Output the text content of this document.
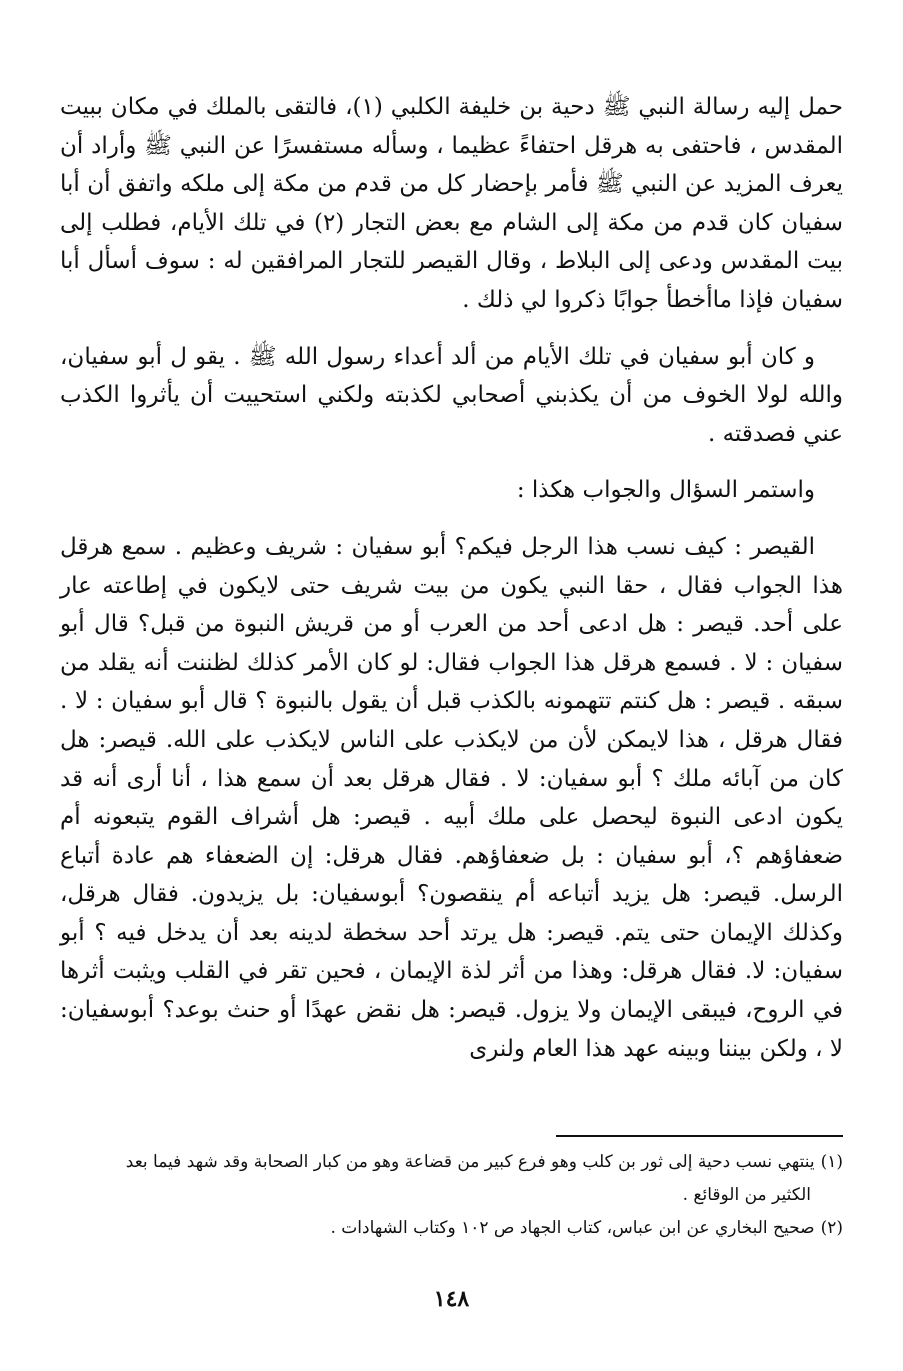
حمل إليه رسالة النبي ﷺ دحية بن خليفة الكلبي (١)، فالتقى بالملك في مكان ببيت المقدس ، فاحتفى به هرقل احتفاءً عظيما ، وسأله مستفسرًا عن النبي ﷺ وأراد أن يعرف المزيد عن النبي ﷺ فأمر بإحضار كل من قدم من مكة إلى ملكه واتفق أن أبا سفيان كان قدم من مكة إلى الشام مع بعض التجار (٢) في تلك الأيام، فطلب إلى بيت المقدس ودعى إلى البلاط ، وقال القيصر للتجار المرافقين له : سوف أسأل أبا سفيان فإذا ماأخطأ جوابًا ذكروا لي ذلك .

و كان أبو سفيان في تلك الأيام من ألد أعداء رسول الله ﷺ . يقو ل أبو سفيان، والله لولا الخوف من أن يكذبني أصحابي لكذبته ولكني استحييت أن يأثروا الكذب عني فصدقته .

واستمر السؤال والجواب هكذا :

القيصر : كيف نسب هذا الرجل فيكم؟ أبو سفيان : شريف وعظيم . سمع هرقل هذا الجواب فقال ، حقا النبي يكون من بيت شريف حتى لايكون في إطاعته عار على أحد. قيصر : هل ادعى أحد من العرب أو من قريش النبوة من قبل؟ قال أبو سفيان : لا . فسمع هرقل هذا الجواب فقال: لو كان الأمر كذلك لظننت أنه يقلد من سبقه . قيصر : هل كنتم تتهمونه بالكذب قبل أن يقول بالنبوة ؟ قال أبو سفيان : لا . فقال هرقل ، هذا لايمكن لأن من لايكذب على الناس لايكذب على الله. قيصر: هل كان من آبائه ملك ؟ أبو سفيان: لا . فقال هرقل بعد أن سمع هذا ، أنا أرى أنه قد يكون ادعى النبوة ليحصل على ملك أبيه . قيصر: هل أشراف القوم يتبعونه أم ضعفاؤهم ؟، أبو سفيان : بل ضعفاؤهم. فقال هرقل: إن الضعفاء هم عادة أتباع الرسل. قيصر: هل يزيد أتباعه أم ينقصون؟ أبوسفيان: بل يزيدون. فقال هرقل، وكذلك الإيمان حتى يتم. قيصر: هل يرتد أحد سخطة لدينه بعد أن يدخل فيه ؟ أبو سفيان: لا. فقال هرقل: وهذا من أثر لذة الإيمان ، فحين تقر في القلب ويثبت أثرها في الروح، فيبقى الإيمان ولا يزول. قيصر: هل نقض عهدًا أو حنث بوعد؟ أبوسفيان: لا ، ولكن بيننا وبينه عهد هذا العام ولنرى

(١)ينتهي نسب دحية إلى ثور بن كلب وهو فرع كبير من قضاعة وهو من كبار الصحابة وقد شهد فيما بعد

الكثير من الوقائع .

(٢)صحيح البخاري عن ابن عباس، كتاب الجهاد ص ١٠٢ وكتاب الشهادات .

١٤٨
